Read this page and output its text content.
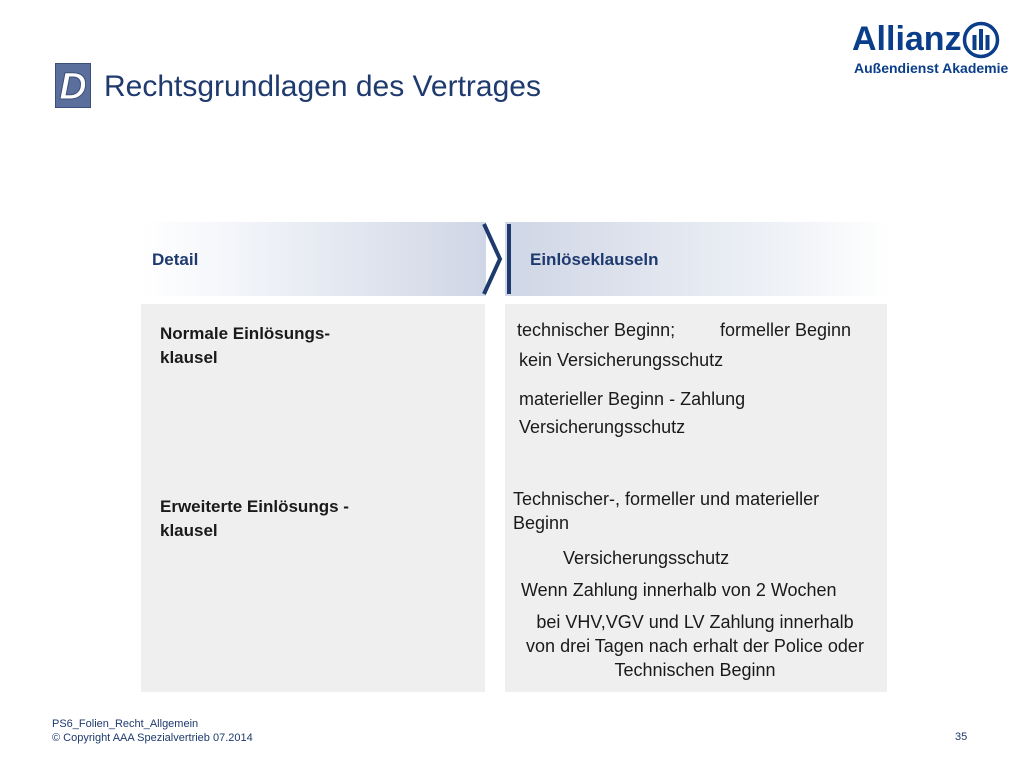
D Rechtsgrundlagen des Vertrages
Allianz
Außendienst Akademie
Detail	Einlöseklauseln
Normale Einlösungs-
klausel
Erweiterte Einlösungs -
klausel
technischer Beginn; formeller Beginn
kein Versicherungsschutz
materieller Beginn - Zahlung
Versicherungsschutz
Technischer-, formeller und materieller
Beginn
Versicherungsschutz
Wenn Zahlung innerhalb von 2 Wochen
bei VHV,VGV und LV Zahlung innerhalb
von drei Tagen nach erhalt der Police oder
Technischen Beginn
PS6_Folien_Recht_Allgemein
© Copyright AAA Spezialvertrieb 07.2014	35
